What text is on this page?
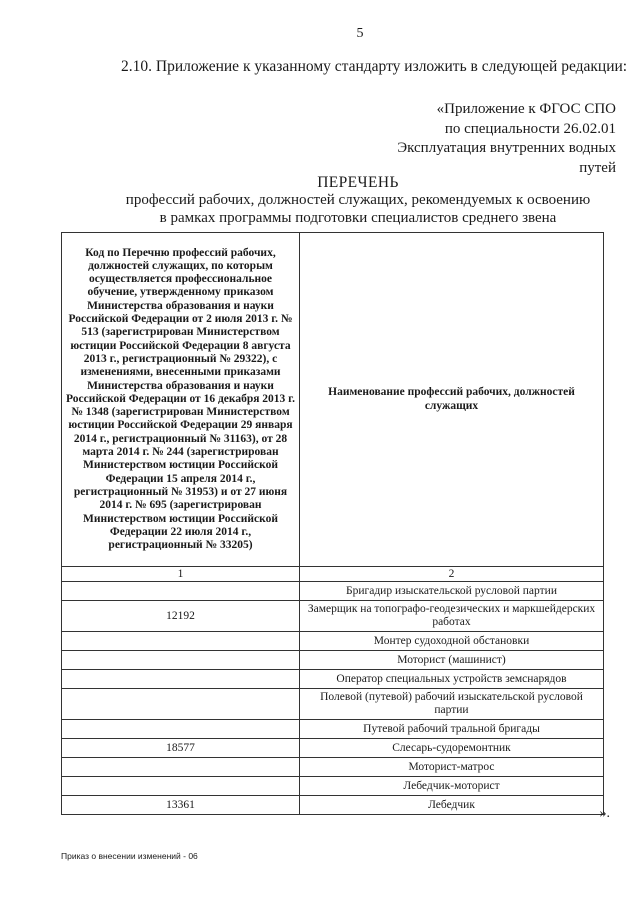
5
2.10. Приложение к указанному стандарту изложить в следующей редакции:
«Приложение к ФГОС СПО
по специальности 26.02.01
Эксплуатация внутренних водных
путей
ПЕРЕЧЕНЬ
профессий рабочих, должностей служащих, рекомендуемых к освоению
в рамках программы подготовки специалистов среднего звена
Код по Перечню профессий рабочих, должностей служащих, по которым осуществляется профессиональное обучение, утвержденному приказом Министерства образования и науки Российской Федерации от 2 июля 2013 г. № 513 (зарегистрирован Министерством юстиции Российской Федерации 8 августа 2013 г., регистрационный № 29322), с изменениями, внесенными приказами Министерства образования и науки Российской Федерации от 16 декабря 2013 г. № 1348 (зарегистрирован Министерством юстиции Российской Федерации 29 января 2014 г., регистрационный № 31163), от 28 марта 2014 г. № 244 (зарегистрирован Министерством юстиции Российской Федерации 15 апреля 2014 г., регистрационный № 31953) и от 27 июня 2014 г. № 695 (зарегистрирован Министерством юстиции Российской Федерации 22 июля 2014 г., регистрационный № 33205)	Наименование профессий рабочих, должностей служащих
1	2
	Бригадир изыскательской русловой партии
12192	Замерщик на топографо-геодезических и маркшейдерских работах
	Монтер судоходной обстановки
	Моторист (машинист)
	Оператор специальных устройств земснарядов
	Полевой (путевой) рабочий изыскательской русловой партии
	Путевой рабочий тральной бригады
18577	Слесарь-судоремонтник
	Моторист-матрос
	Лебедчик-моторист
13361	Лебедчик
».
Приказ о внесении изменений - 06
